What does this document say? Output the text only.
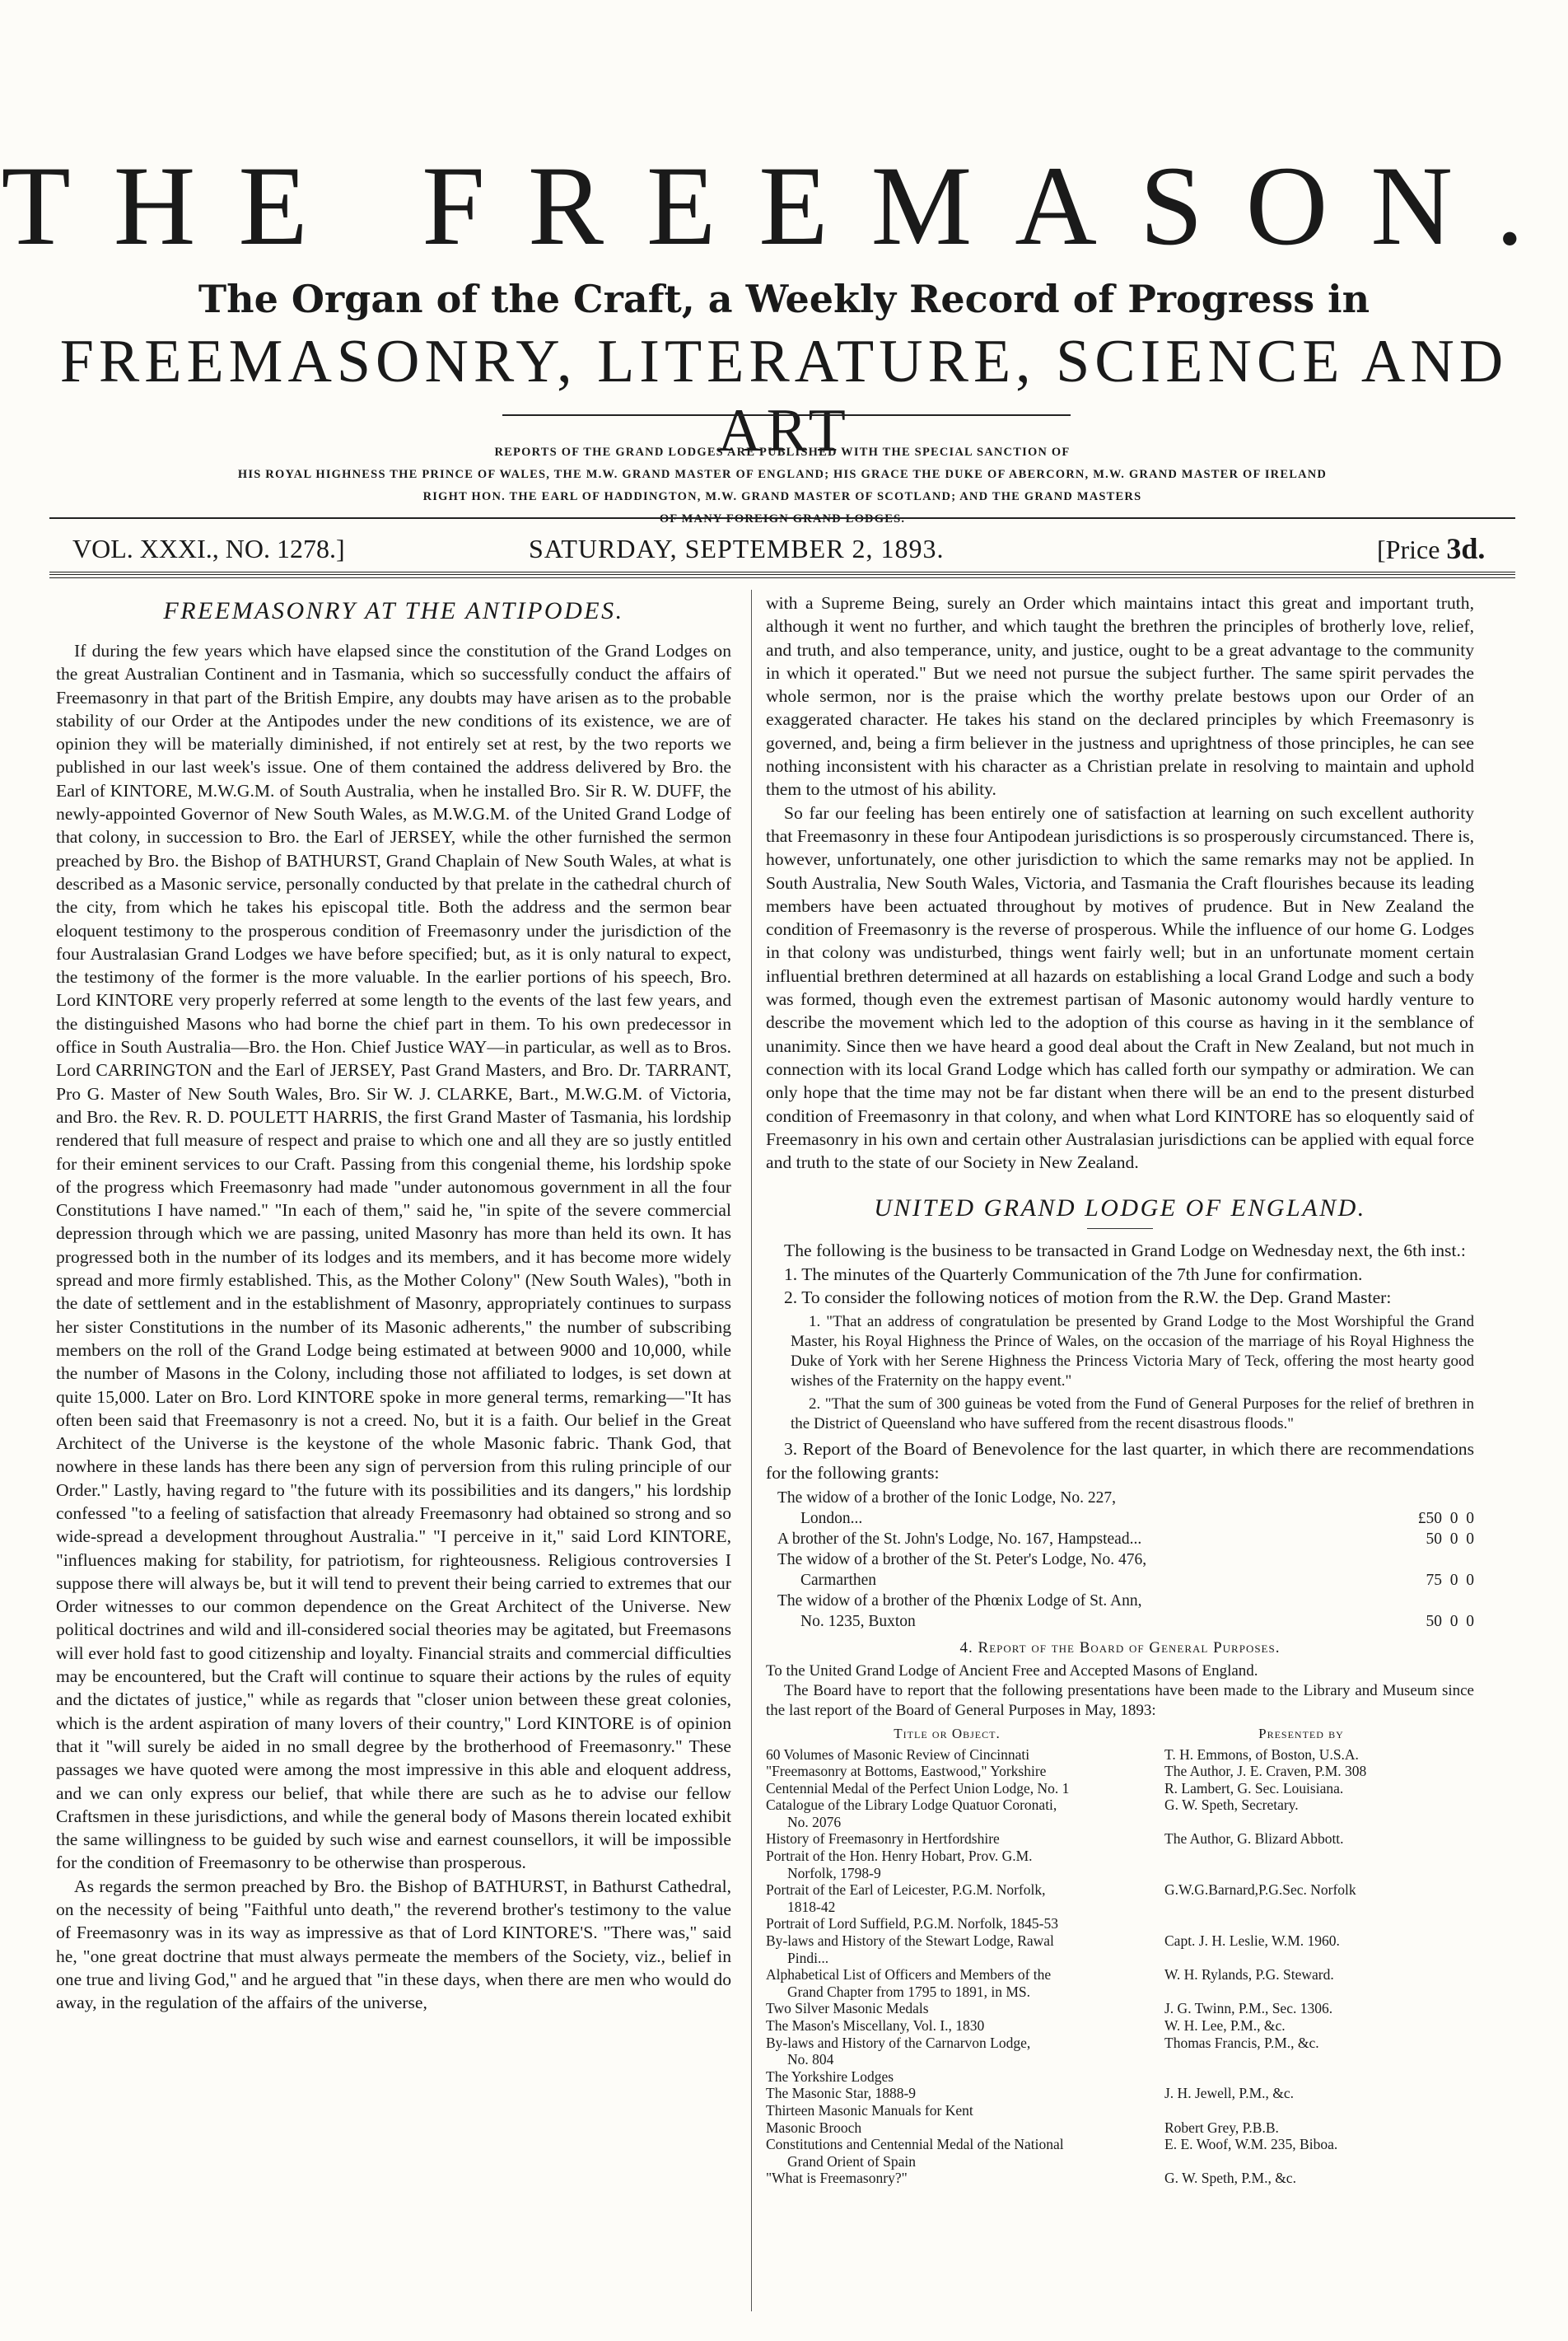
THE FREEMASON.
The Organ of the Craft, a Weekly Record of Progress in
FREEMASONRY, LITERATURE, SCIENCE AND ART
REPORTS OF THE GRAND LODGES ARE PUBLISHED WITH THE SPECIAL SANCTION OF
HIS ROYAL HIGHNESS THE PRINCE OF WALES, THE M.W. GRAND MASTER OF ENGLAND; HIS GRACE THE DUKE OF ABERCORN, M.W. GRAND MASTER OF IRELAND
RIGHT HON. THE EARL OF HADDINGTON, M.W. GRAND MASTER OF SCOTLAND; AND THE GRAND MASTERS
OF MANY FOREIGN GRAND LODGES.
VOL. XXXI., NO. 1278.]	SATURDAY, SEPTEMBER 2, 1893.	[Price 3d.
FREEMASONRY AT THE ANTIPODES.

If during the few years which have elapsed since the constitution of the Grand Lodges on the great Australian Continent and in Tasmania, which so successfully conduct the affairs of Freemasonry in that part of the British Empire, any doubts may have arisen as to the probable stability of our Order at the Antipodes under the new conditions of its existence, we are of opinion they will be materially diminished, if not entirely set at rest, by the two reports we published in our last week's issue. One of them contained the address delivered by Bro. the Earl of KINTORE, M.W.G.M. of South Australia, when he installed Bro. Sir R. W. DUFF, the newly-appointed Governor of New South Wales, as M.W.G.M. of the United Grand Lodge of that colony, in succession to Bro. the Earl of JERSEY, while the other furnished the sermon preached by Bro. the Bishop of BATHURST, Grand Chaplain of New South Wales, at what is described as a Masonic service, personally conducted by that prelate in the cathedral church of the city, from which he takes his episcopal title. Both the address and the sermon bear eloquent testimony to the prosperous condition of Freemasonry under the jurisdiction of the four Australasian Grand Lodges we have before specified; but, as it is only natural to expect, the testimony of the former is the more valuable. In the earlier portions of his speech, Bro. Lord KINTORE very properly referred at some length to the events of the last few years, and the distinguished Masons who had borne the chief part in them. To his own predecessor in office in South Australia—Bro. the Hon. Chief Justice WAY—in particular, as well as to Bros. Lord CARRINGTON and the Earl of JERSEY, Past Grand Masters, and Bro. Dr. TARRANT, Pro G. Master of New South Wales, Bro. Sir W. J. CLARKE, Bart., M.W.G.M. of Victoria, and Bro. the Rev. R. D. POULETT HARRIS, the first Grand Master of Tasmania, his lordship rendered that full measure of respect and praise to which one and all they are so justly entitled for their eminent services to our Craft. Passing from this congenial theme, his lordship spoke of the progress which Freemasonry had made "under autonomous government in all the four Constitutions I have named." "In each of them," said he, "in spite of the severe commercial depression through which we are passing, united Masonry has more than held its own. It has progressed both in the number of its lodges and its members, and it has become more widely spread and more firmly established. This, as the Mother Colony" (New South Wales), "both in the date of settlement and in the establishment of Masonry, appropriately continues to surpass her sister Constitutions in the number of its Masonic adherents," the number of subscribing members on the roll of the Grand Lodge being estimated at between 9000 and 10,000, while the number of Masons in the Colony, including those not affiliated to lodges, is set down at quite 15,000. Later on Bro. Lord KINTORE spoke in more general terms, remarking—"It has often been said that Freemasonry is not a creed. No, but it is a faith. Our belief in the Great Architect of the Universe is the keystone of the whole Masonic fabric. Thank God, that nowhere in these lands has there been any sign of perversion from this ruling principle of our Order." Lastly, having regard to "the future with its possibilities and its dangers," his lordship confessed "to a feeling of satisfaction that already Freemasonry had obtained so strong and so wide-spread a development throughout Australia." "I perceive in it," said Lord KINTORE, "influences making for stability, for patriotism, for righteousness. Religious controversies I suppose there will always be, but it will tend to prevent their being carried to extremes that our Order witnesses to our common dependence on the Great Architect of the Universe. New political doctrines and wild and ill-considered social theories may be agitated, but Freemasons will ever hold fast to good citizenship and loyalty. Financial straits and commercial difficulties may be encountered, but the Craft will continue to square their actions by the rules of equity and the dictates of justice," while as regards that "closer union between these great colonies, which is the ardent aspiration of many lovers of their country," Lord KINTORE is of opinion that it "will surely be aided in no small degree by the brotherhood of Freemasonry." These passages we have quoted were among the most impressive in this able and eloquent address, and we can only express our belief, that while there are such as he to advise our fellow Craftsmen in these jurisdictions, and while the general body of Masons therein located exhibit the same willingness to be guided by such wise and earnest counsellors, it will be impossible for the condition of Freemasonry to be otherwise than prosperous.

As regards the sermon preached by Bro. the Bishop of BATHURST, in Bathurst Cathedral, on the necessity of being "Faithful unto death," the reverend brother's testimony to the value of Freemasonry was in its way as impressive as that of Lord KINTORE'S. "There was," said he, "one great doctrine that must always permeate the members of the Society, viz., belief in one true and living God," and he argued that "in these days, when there are men who would do away, in the regulation of the affairs of the universe,

with a Supreme Being, surely an Order which maintains intact this great and important truth, although it went no further, and which taught the brethren the principles of brotherly love, relief, and truth, and also temperance, unity, and justice, ought to be a great advantage to the community in which it operated." But we need not pursue the subject further. The same spirit pervades the whole sermon, nor is the praise which the worthy prelate bestows upon our Order of an exaggerated character. He takes his stand on the declared principles by which Freemasonry is governed, and, being a firm believer in the justness and uprightness of those principles, he can see nothing inconsistent with his character as a Christian prelate in resolving to maintain and uphold them to the utmost of his ability.

So far our feeling has been entirely one of satisfaction at learning on such excellent authority that Freemasonry in these four Antipodean jurisdictions is so prosperously circumstanced. There is, however, unfortunately, one other jurisdiction to which the same remarks may not be applied. In South Australia, New South Wales, Victoria, and Tasmania the Craft flourishes because its leading members have been actuated throughout by motives of prudence. But in New Zealand the condition of Freemasonry is the reverse of prosperous. While the influence of our home G. Lodges in that colony was undisturbed, things went fairly well; but in an unfortunate moment certain influential brethren determined at all hazards on establishing a local Grand Lodge and such a body was formed, though even the extremest partisan of Masonic autonomy would hardly venture to describe the movement which led to the adoption of this course as having in it the semblance of unanimity. Since then we have heard a good deal about the Craft in New Zealand, but not much in connection with its local Grand Lodge which has called forth our sympathy or admiration. We can only hope that the time may not be far distant when there will be an end to the present disturbed condition of Freemasonry in that colony, and when what Lord KINTORE has so eloquently said of Freemasonry in his own and certain other Australasian jurisdictions can be applied with equal force and truth to the state of our Society in New Zealand.

UNITED GRAND LODGE OF ENGLAND.

The following is the business to be transacted in Grand Lodge on Wednesday next, the 6th inst.:

1. The minutes of the Quarterly Communication of the 7th June for confirmation.

2. To consider the following notices of motion from the R.W. the Dep. Grand Master:

1. "That an address of congratulation be presented by Grand Lodge to the Most Worshipful the Grand Master, his Royal Highness the Prince of Wales, on the occasion of the marriage of his Royal Highness the Duke of York with her Serene Highness the Princess Victoria Mary of Teck, offering the most hearty good wishes of the Fraternity on the happy event."
2. "That the sum of 300 guineas be voted from the Fund of General Purposes for the relief of brethren in the District of Queensland who have suffered from the recent disastrous floods."

3. Report of the Board of Benevolence for the last quarter, in which there are recommendations for the following grants:

The widow of a brother of the Ionic Lodge, No. 227,
London...	£50  0  0
A brother of the St. John's Lodge, No. 167, Hampstead...	50  0  0
The widow of a brother of the St. Peter's Lodge, No. 476,
Carmarthen	75  0  0
The widow of a brother of the Phœnix Lodge of St. Ann,
No. 1235, Buxton	50  0  0
4. Report of the Board of General Purposes.
To the United Grand Lodge of Ancient Free and Accepted Masons of England.

The Board have to report that the following presentations have been made to the Library and Museum since the last report of the Board of General Purposes in May, 1893:

Title or Object.	Presented by
60 Volumes of Masonic Review of Cincinnati	T. H. Emmons, of Boston, U.S.A.
"Freemasonry at Bottoms, Eastwood," Yorkshire	The Author, J. E. Craven, P.M. 308
Centennial Medal of the Perfect Union Lodge, No. 1	R. Lambert, G. Sec. Louisiana.
Catalogue of the Library Lodge Quatuor Coronati,
No. 2076	G. W. Speth, Secretary.
History of Freemasonry in Hertfordshire	The Author, G. Blizard Abbott.
Portrait of the Hon. Henry Hobart, Prov. G.M.
Norfolk, 1798-9	

Portrait of the Earl of Leicester, P.G.M. Norfolk,
1818-42	G.W.G.Barnard,P.G.Sec. Norfolk
Portrait of Lord Suffield, P.G.M. Norfolk, 1845-53	
By-laws and History of the Stewart Lodge, Rawal
Pindi...	Capt. J. H. Leslie, W.M. 1960.
Alphabetical List of Officers and Members of the
Grand Chapter from 1795 to 1891, in MS.	W. H. Rylands, P.G. Steward.
Two Silver Masonic Medals	J. G. Twinn, P.M., Sec. 1306.
The Mason's Miscellany, Vol. I., 1830	W. H. Lee, P.M., &c.
By-laws and History of the Carnarvon Lodge,
No. 804	Thomas Francis, P.M., &c.
The Yorkshire Lodges	
The Masonic Star, 1888-9	J. H. Jewell, P.M., &c.
Thirteen Masonic Manuals for Kent	
Masonic Brooch	Robert Grey, P.B.B.
Constitutions and Centennial Medal of the National
Grand Orient of Spain	E. E. Woof, W.M. 235, Biboa.
"What is Freemasonry?"	G. W. Speth, P.M., &c.
